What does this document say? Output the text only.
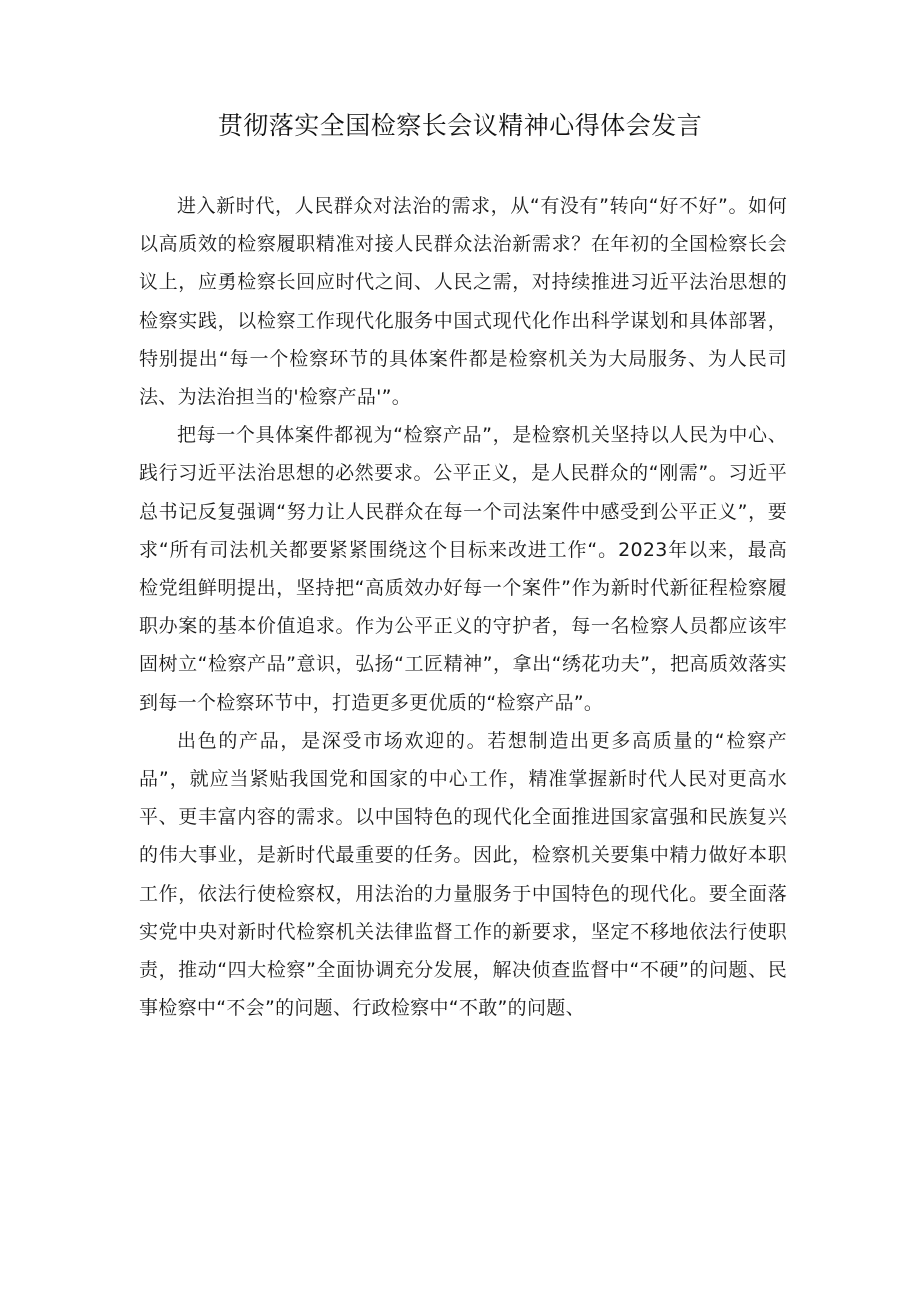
贯彻落实全国检察长会议精神心得体会发言

进入新时代，人民群众对法治的需求，从“有没有”转向“好不好”。如何以高质效的检察履职精准对接人民群众法治新需求？在年初的全国检察长会议上，应勇检察长回应时代之间、人民之需，对持续推进习近平法治思想的检察实践，以检察工作现代化服务中国式现代化作出科学谋划和具体部署，特别提出“每一个检察环节的具体案件都是检察机关为大局服务、为人民司法、为法治担当的'检察产品'”。

把每一个具体案件都视为“检察产品”，是检察机关坚持以人民为中心、践行习近平法治思想的必然要求。公平正义，是人民群众的“刚需”。习近平总书记反复强调“努力让人民群众在每一个司法案件中感受到公平正义”，要求“所有司法机关都要紧紧围绕这个目标来改进工作“。2023年以来，最高检党组鲜明提出，坚持把“高质效办好每一个案件”作为新时代新征程检察履职办案的基本价值追求。作为公平正义的守护者，每一名检察人员都应该牢固树立“检察产品”意识，弘扬“工匠精神”，拿出“绣花功夫”，把高质效落实到每一个检察环节中，打造更多更优质的“检察产品”。

出色的产品，是深受市场欢迎的。若想制造出更多高质量的“检察产品”，就应当紧贴我国党和国家的中心工作，精准掌握新时代人民对更高水平、更丰富内容的需求。以中国特色的现代化全面推进国家富强和民族复兴的伟大事业，是新时代最重要的任务。因此，检察机关要集中精力做好本职工作，依法行使检察权，用法治的力量服务于中国特色的现代化。要全面落实党中央对新时代检察机关法律监督工作的新要求，坚定不移地依法行使职责，推动“四大检察”全面协调充分发展，解决侦查监督中“不硬”的问题、民事检察中“不会”的问题、行政检察中“不敢”的问题、
